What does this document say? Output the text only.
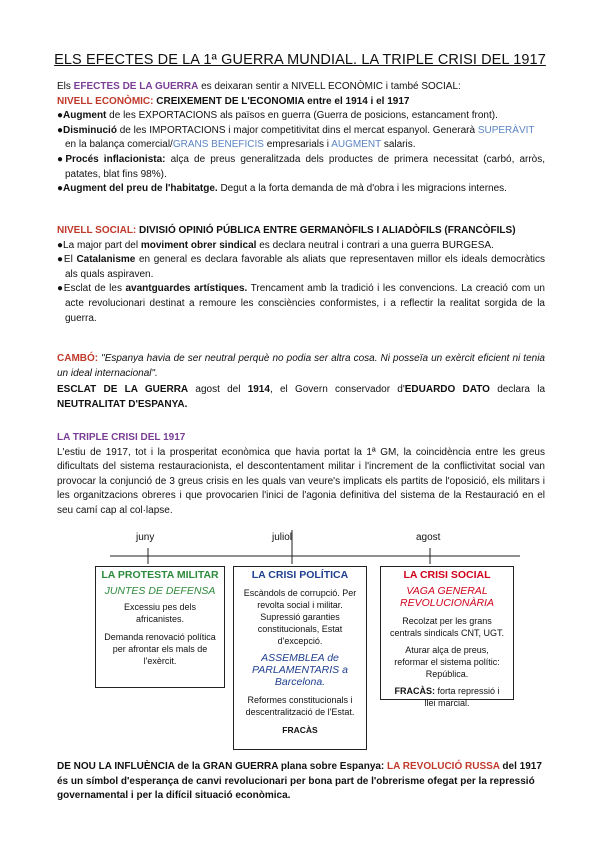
ELS EFECTES DE LA 1ª GUERRA MUNDIAL. LA TRIPLE CRISI DEL 1917

Els EFECTES DE LA GUERRA es deixaran sentir a NIVELL ECONÒMIC i també SOCIAL:

NIVELL ECONÒMIC: CREIXEMENT DE L'ECONOMIA entre el 1914 i el 1917

●Augment de les EXPORTACIONS als països en guerra (Guerra de posicions, estancament front).

●Disminució de les IMPORTACIONS i major competitivitat dins el mercat espanyol. Generarà SUPERÀVIT en la balança comercial/GRANS BENEFICIS empresarials i AUGMENT salaris.

●Procés inflacionista: alça de preus generalitzada dels productes de primera necessitat (carbó, arròs, patates, blat fins 98%).

●Augment del preu de l'habitatge. Degut a la forta demanda de mà d'obra i les migracions internes.

NIVELL SOCIAL: DIVISIÓ OPINIÓ PÚBLICA ENTRE GERMANÒFILS I ALIADÒFILS (FRANCÒFILS)

●La major part del moviment obrer sindical es declara neutral i contrari a una guerra BURGESA.

●El Catalanisme en general es declara favorable als aliats que representaven millor els ideals democràtics als quals aspiraven.

●Esclat de les avantguardes artístiques. Trencament amb la tradició i les convencions. La creació com un acte revolucionari destinat a remoure les consciències conformistes, i a reflectir la realitat sorgida de la guerra.

CAMBÓ: "Espanya havia de ser neutral perquè no podia ser altra cosa. Ni posseïa un exèrcit eficient ni tenia un ideal internacional".

ESCLAT DE LA GUERRA agost del 1914, el Govern conservador d'EDUARDO DATO declara la NEUTRALITAT D'ESPANYA.

LA TRIPLE CRISI DEL 1917

L'estiu de 1917, tot i la prosperitat econòmica que havia portat la 1ª GM, la coincidència entre les greus dificultats del sistema restauracionista, el descontentament militar i l'increment de la conflictivitat social van provocar la conjunció de 3 greus crisis en les quals van veure's implicats els partits de l'oposició, els militars i les organitzacions obreres i que provocarien l'inici de l'agonia definitiva del sistema de la Restauració en el seu camí cap al col·lapse.

juny	juliol	agost

LA PROTESTA MILITAR

JUNTES DE DEFENSA

Excessiu pes dels africanistes.

Demanda renovació política per afrontar els mals de l'exèrcit.

LA CRISI POLÍTICA

Escàndols de corrupció. Per revolta social i militar. Supressió garanties constitucionals, Estat d'excepció.

ASSEMBLEA de PARLAMENTARIS a Barcelona.

Reformes constitucionals i descentralització de l'Estat.

FRACÀS

LA CRISI SOCIAL

VAGA GENERAL REVOLUCIONÀRIA

Recolzat per les grans centrals sindicals CNT, UGT.

Aturar alça de preus, reformar el sistema polític: República.

FRACÀS: forta repressió i llei marcial.

DE NOU LA INFLUÈNCIA de la GRAN GUERRA plana sobre Espanya: LA REVOLUCIÓ RUSSA del 1917 és un símbol d'esperança de canvi revolucionari per bona part de l'obrerisme ofegat per la repressió governamental i per la difícil situació econòmica.
